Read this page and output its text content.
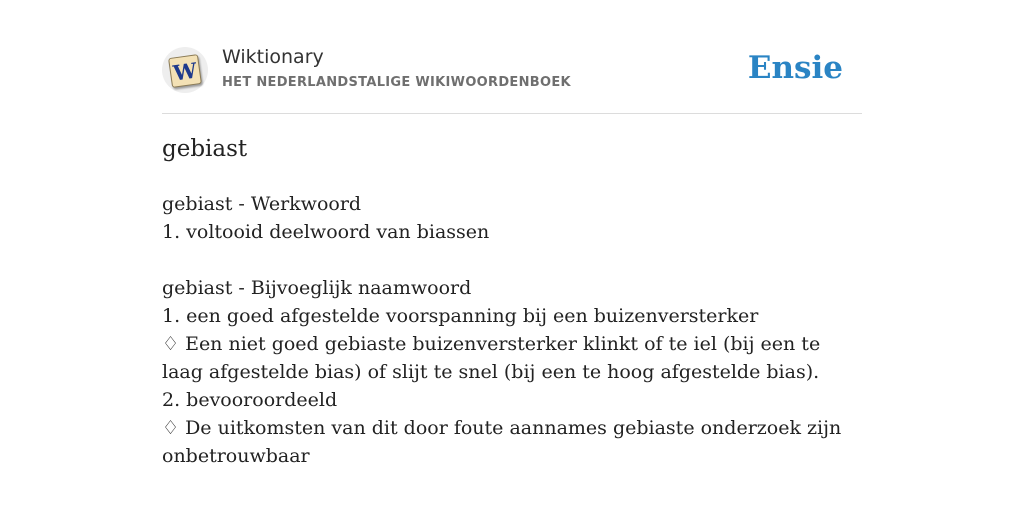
W
Wiktionary
HET NEDERLANDSTALIGE WIKIWOORDENBOEK	Ensie
gebiast
gebiast - Werkwoord
1. voltooid deelwoord van biassen
gebiast - Bijvoeglijk naamwoord
1. een goed afgestelde voorspanning bij een buizenversterker
♢ Een niet goed gebiaste buizenversterker klinkt of te iel (bij een te laag afgestelde bias) of slijt te snel (bij een te hoog afgestelde bias).
2. bevooroordeeld
♢ De uitkomsten van dit door foute aannames gebiaste onderzoek zijn onbetrouwbaar
